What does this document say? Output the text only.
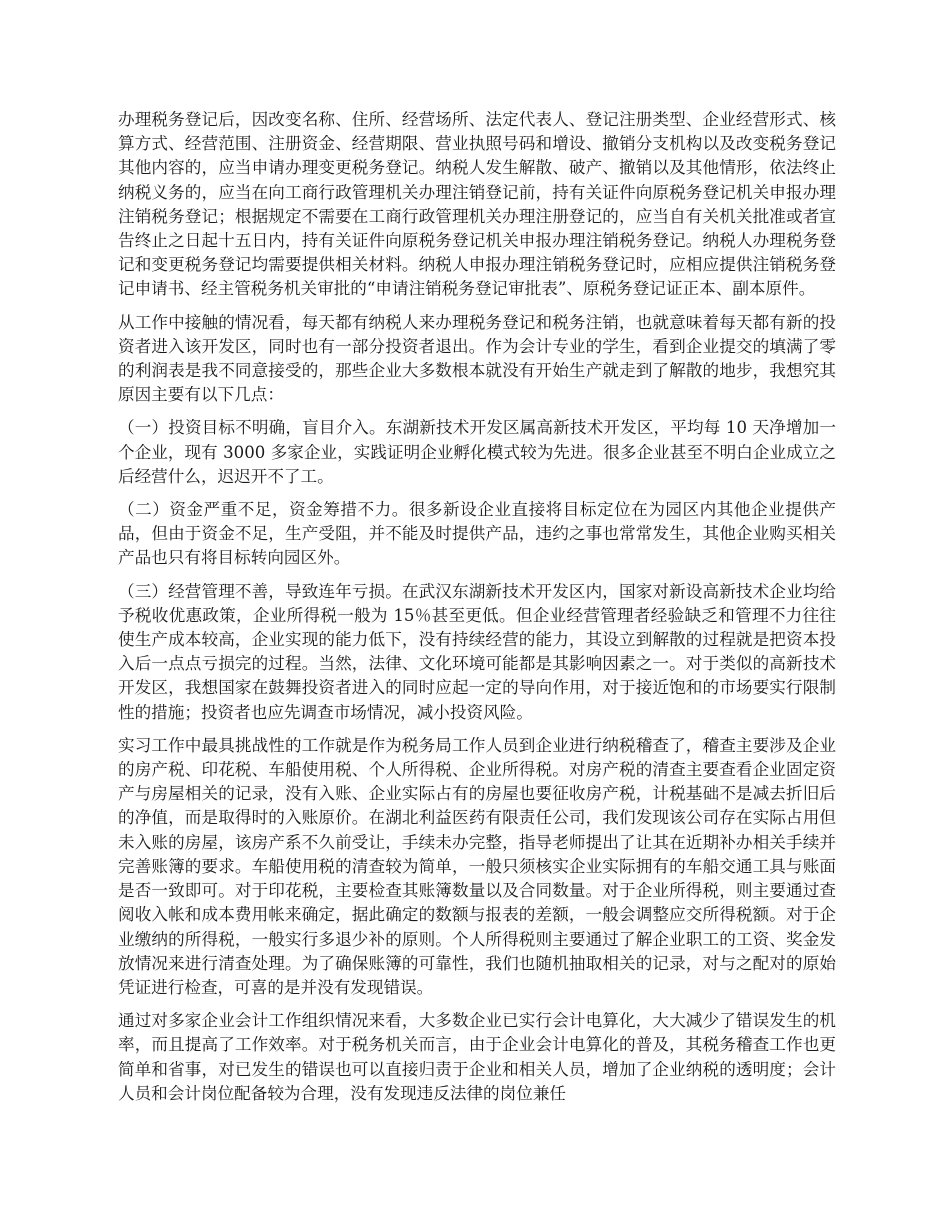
办理税务登记后，因改变名称、住所、经营场所、法定代表人、登记注册类型、企业经营形式、核算方式、经营范围、注册资金、经营期限、营业执照号码和增设、撤销分支机构以及改变税务登记其他内容的，应当申请办理变更税务登记。纳税人发生解散、破产、撤销以及其他情形，依法终止纳税义务的，应当在向工商行政管理机关办理注销登记前，持有关证件向原税务登记机关申报办理注销税务登记；根据规定不需要在工商行政管理机关办理注册登记的，应当自有关机关批准或者宣告终止之日起十五日内，持有关证件向原税务登记机关申报办理注销税务登记。纳税人办理税务登记和变更税务登记均需要提供相关材料。纳税人申报办理注销税务登记时，应相应提供注销税务登记申请书、经主管税务机关审批的“申请注销税务登记审批表”、原税务登记证正本、副本原件。

从工作中接触的情况看，每天都有纳税人来办理税务登记和税务注销，也就意味着每天都有新的投资者进入该开发区，同时也有一部分投资者退出。作为会计专业的学生，看到企业提交的填满了零的利润表是我不同意接受的，那些企业大多数根本就没有开始生产就走到了解散的地步，我想究其原因主要有以下几点：

（一）投资目标不明确，盲目介入。东湖新技术开发区属高新技术开发区，平均每 10 天净增加一个企业，现有 3000 多家企业，实践证明企业孵化模式较为先进。很多企业甚至不明白企业成立之后经营什么，迟迟开不了工。

（二）资金严重不足，资金筹措不力。很多新设企业直接将目标定位在为园区内其他企业提供产品，但由于资金不足，生产受阻，并不能及时提供产品，违约之事也常常发生，其他企业购买相关产品也只有将目标转向园区外。

（三）经营管理不善，导致连年亏损。在武汉东湖新技术开发区内，国家对新设高新技术企业均给予税收优惠政策，企业所得税一般为 15％甚至更低。但企业经营管理者经验缺乏和管理不力往往使生产成本较高，企业实现的能力低下，没有持续经营的能力，其设立到解散的过程就是把资本投入后一点点亏损完的过程。当然，法律、文化环境可能都是其影响因素之一。对于类似的高新技术开发区，我想国家在鼓舞投资者进入的同时应起一定的导向作用，对于接近饱和的市场要实行限制性的措施；投资者也应先调查市场情况，减小投资风险。

实习工作中最具挑战性的工作就是作为税务局工作人员到企业进行纳税稽查了，稽查主要涉及企业的房产税、印花税、车船使用税、个人所得税、企业所得税。对房产税的清查主要查看企业固定资产与房屋相关的记录，没有入账、企业实际占有的房屋也要征收房产税，计税基础不是减去折旧后的净值，而是取得时的入账原价。在湖北利益医药有限责任公司，我们发现该公司存在实际占用但未入账的房屋，该房产系不久前受让，手续未办完整，指导老师提出了让其在近期补办相关手续并完善账簿的要求。车船使用税的清查较为简单，一般只须核实企业实际拥有的车船交通工具与账面是否一致即可。对于印花税，主要检查其账簿数量以及合同数量。对于企业所得税，则主要通过查阅收入帐和成本费用帐来确定，据此确定的数额与报表的差额，一般会调整应交所得税额。对于企业缴纳的所得税，一般实行多退少补的原则。个人所得税则主要通过了解企业职工的工资、奖金发放情况来进行清查处理。为了确保账簿的可靠性，我们也随机抽取相关的记录，对与之配对的原始凭证进行检查，可喜的是并没有发现错误。

通过对多家企业会计工作组织情况来看，大多数企业已实行会计电算化，大大减少了错误发生的机率，而且提高了工作效率。对于税务机关而言，由于企业会计电算化的普及，其税务稽查工作也更简单和省事，对已发生的错误也可以直接归责于企业和相关人员，增加了企业纳税的透明度；会计人员和会计岗位配备较为合理，没有发现违反法律的岗位兼任
